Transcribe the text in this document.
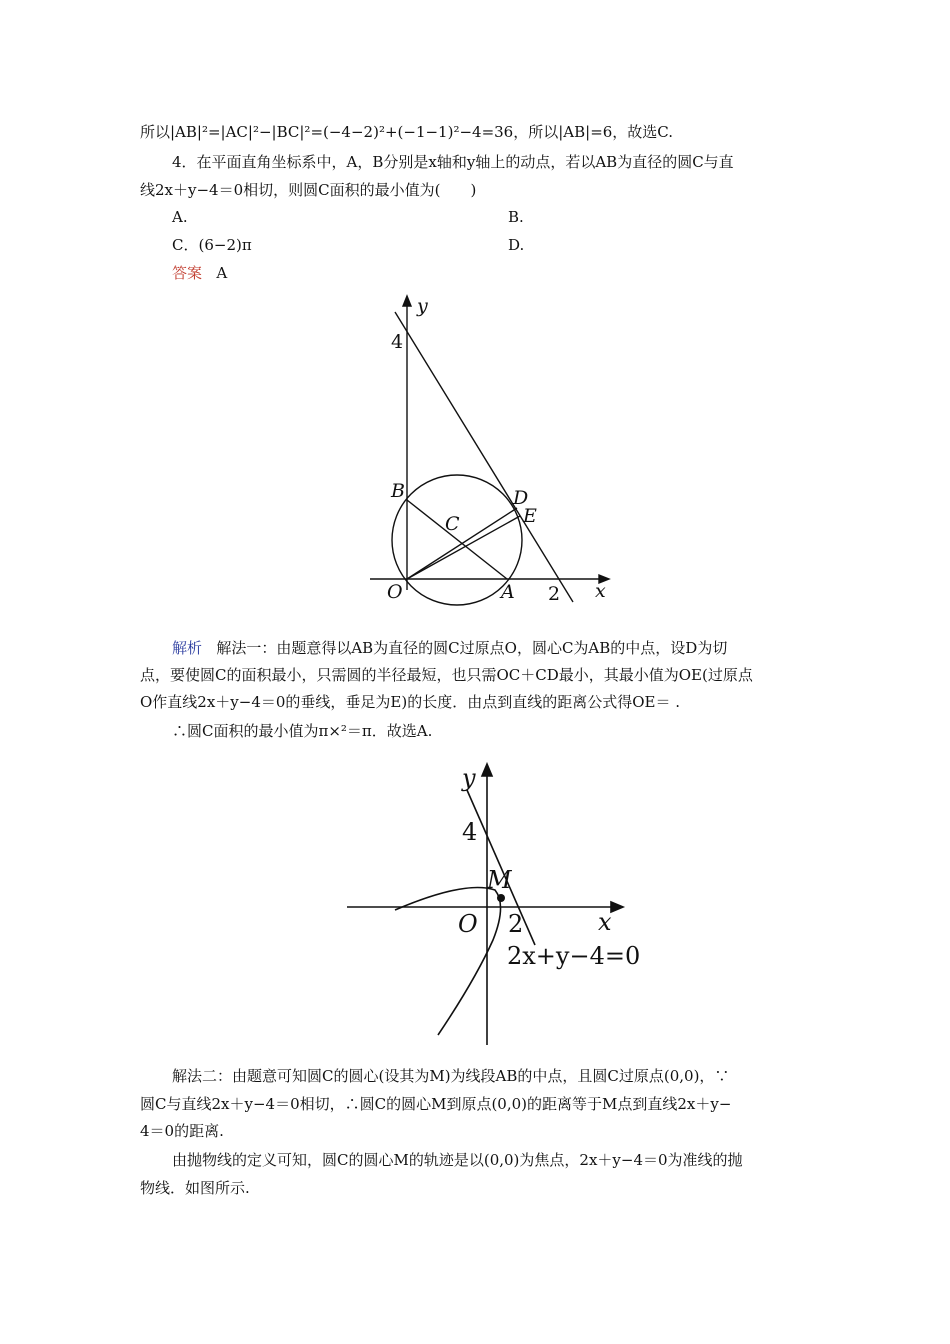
所以|AB|²=|AC|²−|BC|²=(−4−2)²+(−1−1)²−4=36，所以|AB|=6，故选C.
4．在平面直角坐标系中，A，B分别是x轴和y轴上的动点，若以AB为直径的圆C与直
线2x＋y−4＝0相切，则圆C面积的最小值为(　　)
A.	B.
C．(6−2)π	D.
答案 A
y
x
B
C
D
E
O	A
4
2
解析 解法一：由题意得以AB为直径的圆C过原点O，圆心C为AB的中点，设D为切
点，要使圆C的面积最小，只需圆的半径最短，也只需OC＋CD最小，其最小值为OE(过原点
O作直线2x＋y−4＝0的垂线，垂足为E)的长度．由点到直线的距离公式得OE＝ .
∴圆C面积的最小值为π×²＝π．故选A.
y
x
M
O
4
2
2x+y−4=0
解法二：由题意可知圆C的圆心(设其为M)为线段AB的中点，且圆C过原点(0,0)，∵
圆C与直线2x＋y−4＝0相切，∴圆C的圆心M到原点(0,0)的距离等于M点到直线2x＋y−
4＝0的距离.
由抛物线的定义可知，圆C的圆心M的轨迹是以(0,0)为焦点，2x＋y−4＝0为准线的抛
物线．如图所示.
